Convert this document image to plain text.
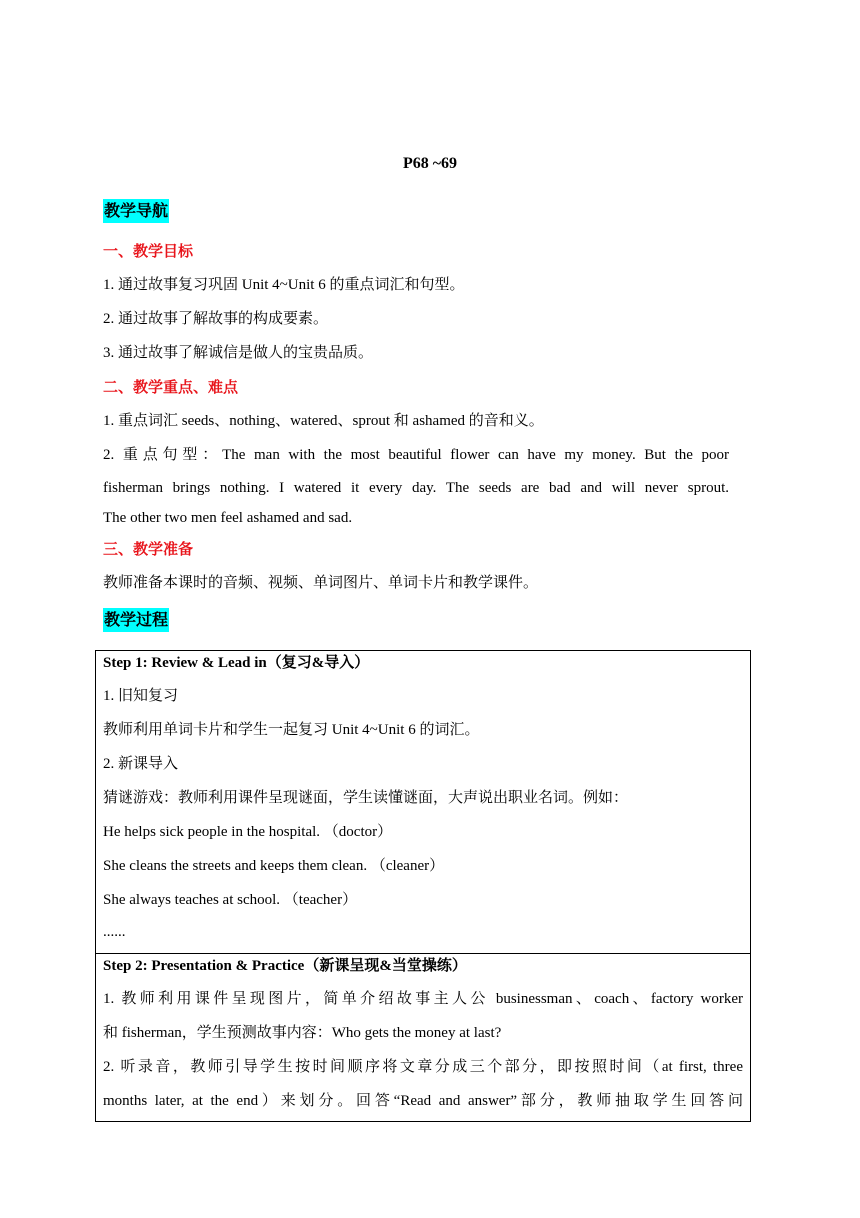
P68 ~69
教学导航
一、教学目标
1. 通过故事复习巩固 Unit 4~Unit 6 的重点词汇和句型。
2. 通过故事了解故事的构成要素。
3. 通过故事了解诚信是做人的宝贵品质。
二、教学重点、难点
1. 重点词汇 seeds、nothing、watered、sprout 和 ashamed 的音和义。
2. 重点句型：The man with the most beautiful flower can have my money. But the poor
fisherman brings nothing. I watered it every day. The seeds are bad and will never sprout.
The other two men feel ashamed and sad.
三、教学准备
教师准备本课时的音频、视频、单词图片、单词卡片和教学课件。
教学过程
Step 1: Review & Lead in（复习&导入）
1. 旧知复习
教师利用单词卡片和学生一起复习 Unit 4~Unit 6 的词汇。
2. 新课导入
猜谜游戏：教师利用课件呈现谜面，学生读懂谜面，大声说出职业名词。例如：
He helps sick people in the hospital. （doctor）
She cleans the streets and keeps them clean. （cleaner）
She always teaches at school. （teacher）
......
Step 2: Presentation & Practice（新课呈现&当堂操练）
1. 教师利用课件呈现图片，简单介绍故事主人公 businessman、coach、factory worker
和 fisherman，学生预测故事内容：Who gets the money at last?
2. 听录音，教师引导学生按时间顺序将文章分成三个部分，即按照时间（at first, three
months later, at the end）来划分。回答“Read and answer”部分，教师抽取学生回答问
